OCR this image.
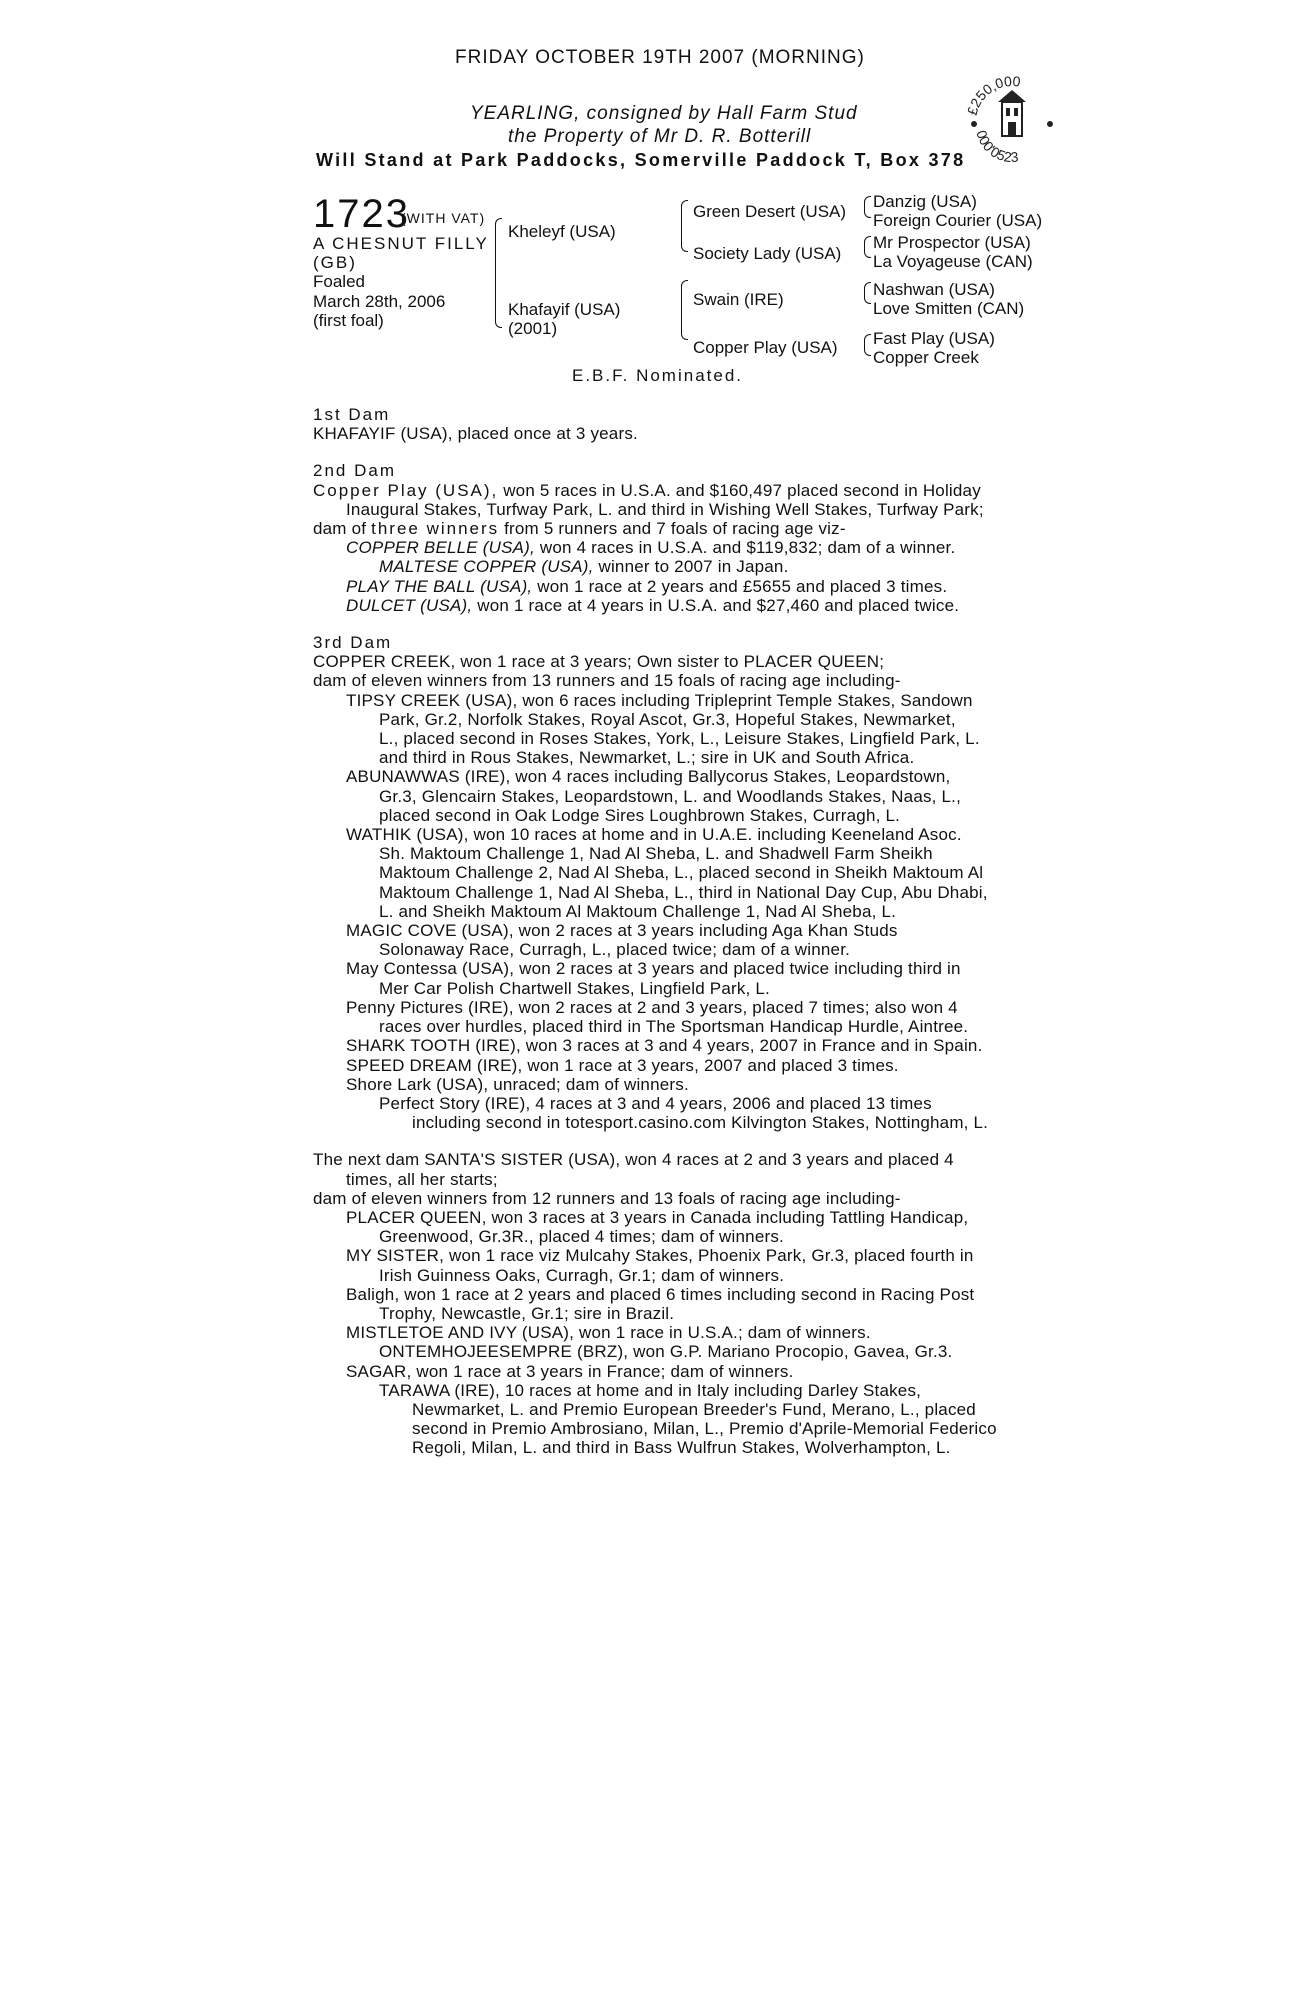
FRIDAY OCTOBER 19TH 2007 (MORNING)
YEARLING, consigned by Hall Farm Stud
the Property of Mr D. R. Botterill
Will Stand at Park Paddocks, Somerville Paddock T, Box 378
£250,000
000'0523
1723
(WITH VAT)
A CHESNUT FILLY
(GB)
Foaled
March 28th, 2006
(first foal)
Kheleyf (USA)
Khafayif (USA)
(2001)
Green Desert (USA)
Society Lady (USA)
Swain (IRE)
Copper Play (USA)
Danzig (USA)
Foreign Courier (USA)
Mr Prospector (USA)
La Voyageuse (CAN)
Nashwan (USA)
Love Smitten (CAN)
Fast Play (USA)
Copper Creek
E.B.F. Nominated.

1st Dam

KHAFAYIF (USA), placed once at 3 years.

2nd Dam

Copper Play (USA), won 5 races in U.S.A. and $160,497 placed second in Holiday

Inaugural Stakes, Turfway Park, L. and third in Wishing Well Stakes, Turfway Park;

dam of three winners from 5 runners and 7 foals of racing age viz-

COPPER BELLE (USA), won 4 races in U.S.A. and $119,832; dam of a winner.

MALTESE COPPER (USA), winner to 2007 in Japan.

PLAY THE BALL (USA), won 1 race at 2 years and £5655 and placed 3 times.

DULCET (USA), won 1 race at 4 years in U.S.A. and $27,460 and placed twice.

3rd Dam

COPPER CREEK, won 1 race at 3 years; Own sister to PLACER QUEEN;

dam of eleven winners from 13 runners and 15 foals of racing age including-

TIPSY CREEK (USA), won 6 races including Tripleprint Temple Stakes, Sandown

Park, Gr.2, Norfolk Stakes, Royal Ascot, Gr.3, Hopeful Stakes, Newmarket,

L., placed second in Roses Stakes, York, L., Leisure Stakes, Lingfield Park, L.

and third in Rous Stakes, Newmarket, L.; sire in UK and South Africa.

ABUNAWWAS (IRE), won 4 races including Ballycorus Stakes, Leopardstown,

Gr.3, Glencairn Stakes, Leopardstown, L. and Woodlands Stakes, Naas, L.,

placed second in Oak Lodge Sires Loughbrown Stakes, Curragh, L.

WATHIK (USA), won 10 races at home and in U.A.E. including Keeneland Asoc.

Sh. Maktoum Challenge 1, Nad Al Sheba, L. and Shadwell Farm Sheikh

Maktoum Challenge 2, Nad Al Sheba, L., placed second in Sheikh Maktoum Al

Maktoum Challenge 1, Nad Al Sheba, L., third in National Day Cup, Abu Dhabi,

L. and Sheikh Maktoum Al Maktoum Challenge 1, Nad Al Sheba, L.

MAGIC COVE (USA), won 2 races at 3 years including Aga Khan Studs

Solonaway Race, Curragh, L., placed twice; dam of a winner.

May Contessa (USA), won 2 races at 3 years and placed twice including third in

Mer Car Polish Chartwell Stakes, Lingfield Park, L.

Penny Pictures (IRE), won 2 races at 2 and 3 years, placed 7 times; also won 4

races over hurdles, placed third in The Sportsman Handicap Hurdle, Aintree.

SHARK TOOTH (IRE), won 3 races at 3 and 4 years, 2007 in France and in Spain.

SPEED DREAM (IRE), won 1 race at 3 years, 2007 and placed 3 times.

Shore Lark (USA), unraced; dam of winners.

Perfect Story (IRE), 4 races at 3 and 4 years, 2006 and placed 13 times

including second in totesport.casino.com Kilvington Stakes, Nottingham, L.

The next dam SANTA'S SISTER (USA), won 4 races at 2 and 3 years and placed 4

times, all her starts;

dam of eleven winners from 12 runners and 13 foals of racing age including-

PLACER QUEEN, won 3 races at 3 years in Canada including Tattling Handicap,

Greenwood, Gr.3R., placed 4 times; dam of winners.

MY SISTER, won 1 race viz Mulcahy Stakes, Phoenix Park, Gr.3, placed fourth in

Irish Guinness Oaks, Curragh, Gr.1; dam of winners.

Baligh, won 1 race at 2 years and placed 6 times including second in Racing Post

Trophy, Newcastle, Gr.1; sire in Brazil.

MISTLETOE AND IVY (USA), won 1 race in U.S.A.; dam of winners.

ONTEMHOJEESEMPRE (BRZ), won G.P. Mariano Procopio, Gavea, Gr.3.

SAGAR, won 1 race at 3 years in France; dam of winners.

TARAWA (IRE), 10 races at home and in Italy including Darley Stakes,

Newmarket, L. and Premio European Breeder's Fund, Merano, L., placed

second in Premio Ambrosiano, Milan, L., Premio d'Aprile-Memorial Federico

Regoli, Milan, L. and third in Bass Wulfrun Stakes, Wolverhampton, L.
